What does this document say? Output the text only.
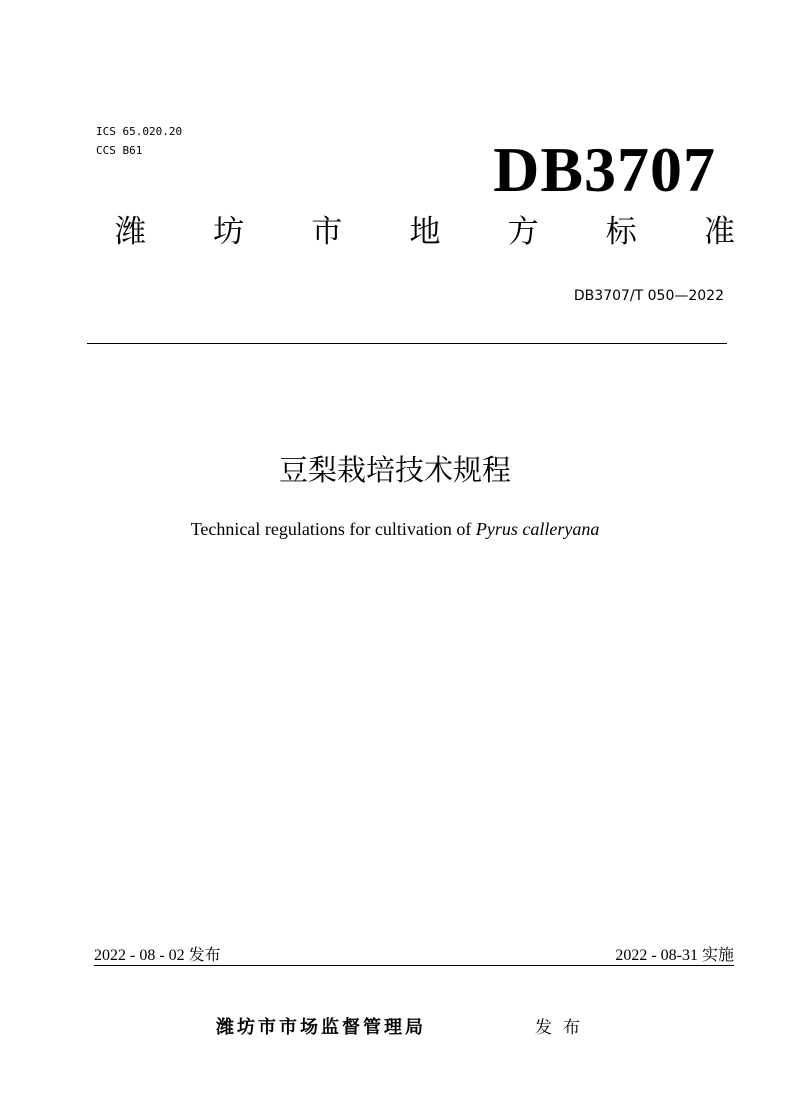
ICS 65.020.20
CCS B61	DB3707
潍 坊 市 地 方 标 准
DB3707/T 050—2022
豆梨栽培技术规程
Technical regulations for cultivation of Pyrus calleryana
2022 - 08 - 02 发布	2022 - 08-31 实施
潍坊市市场监督管理局	发布
